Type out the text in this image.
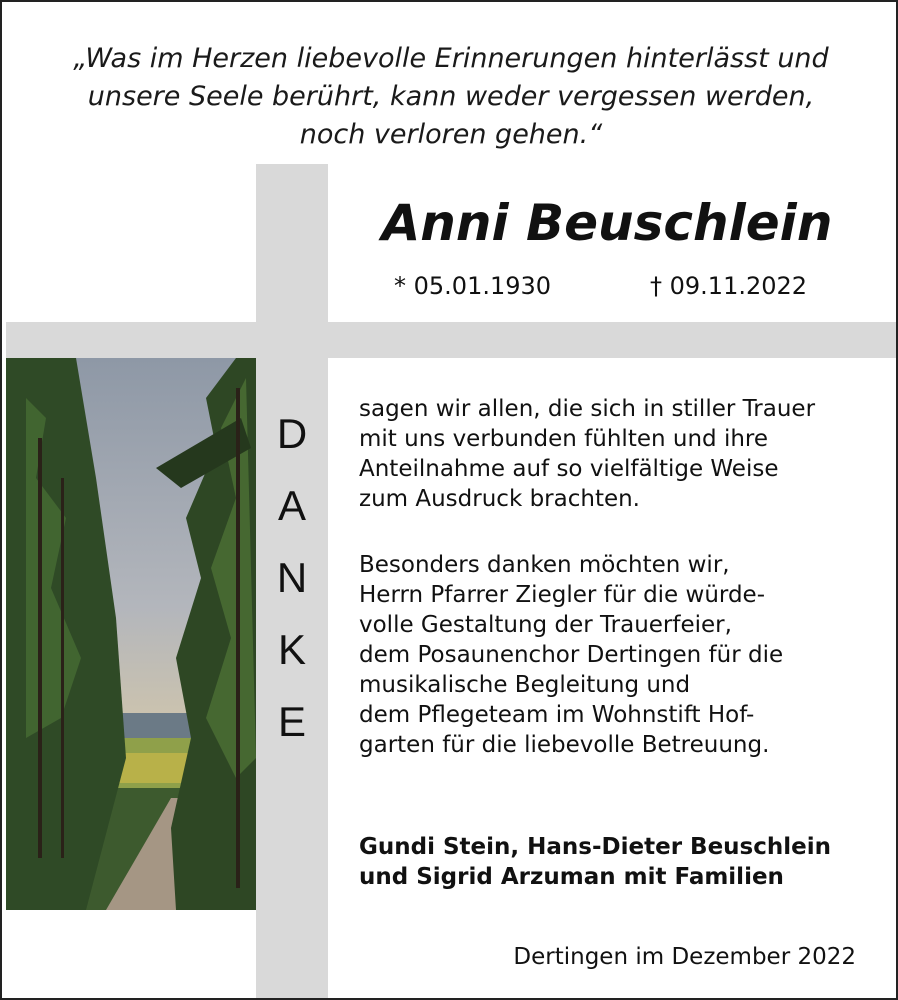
„Was im Herzen liebevolle Erinnerungen hinterlässt und
unsere Seele berührt, kann weder vergessen werden,
noch verloren gehen.“
Anni Beuschlein
* 05.01.1930	† 09.11.2022
D
A
N
K
E
sagen wir allen, die sich in stiller Trauer
mit uns verbunden fühlten und ihre
Anteilnahme auf so vielfältige Weise
zum Ausdruck brachten.
Besonders danken möchten wir,
Herrn Pfarrer Ziegler für die würde-
volle Gestaltung der Trauerfeier,
dem Posaunenchor Dertingen für die
musikalische Begleitung und
dem Pflegeteam im Wohnstift Hof-
garten für die liebevolle Betreuung.
Gundi Stein, Hans-Dieter Beuschlein
und Sigrid Arzuman mit Familien
Dertingen im Dezember 2022
